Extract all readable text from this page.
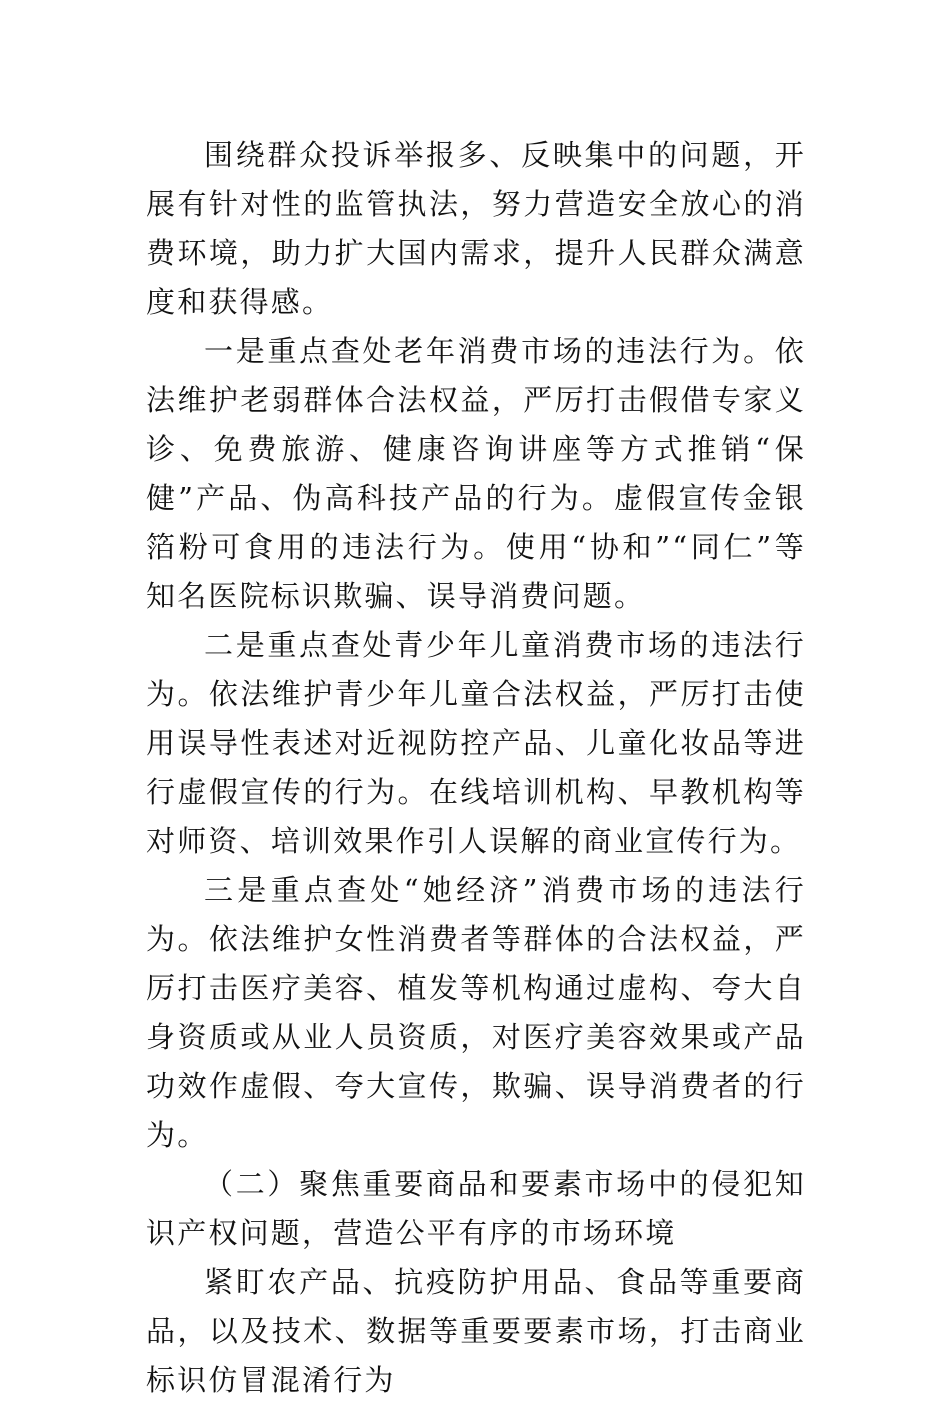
围绕群众投诉举报多、反映集中的问题，开展有针对性的监管执法，努力营造安全放心的消费环境，助力扩大国内需求，提升人民群众满意度和获得感。

一是重点查处老年消费市场的违法行为。依法维护老弱群体合法权益，严厉打击假借专家义诊、免费旅游、健康咨询讲座等方式推销“保健”产品、伪高科技产品的行为。虚假宣传金银箔粉可食用的违法行为。使用“协和”“同仁”等知名医院标识欺骗、误导消费问题。

二是重点查处青少年儿童消费市场的违法行为。依法维护青少年儿童合法权益，严厉打击使用误导性表述对近视防控产品、儿童化妆品等进行虚假宣传的行为。在线培训机构、早教机构等对师资、培训效果作引人误解的商业宣传行为。

三是重点查处“她经济”消费市场的违法行为。依法维护女性消费者等群体的合法权益，严厉打击医疗美容、植发等机构通过虚构、夸大自身资质或从业人员资质，对医疗美容效果或产品功效作虚假、夸大宣传，欺骗、误导消费者的行为。

（二）聚焦重要商品和要素市场中的侵犯知识产权问题，营造公平有序的市场环境

紧盯农产品、抗疫防护用品、食品等重要商品，以及技术、数据等重要要素市场，打击商业标识仿冒混淆行为
